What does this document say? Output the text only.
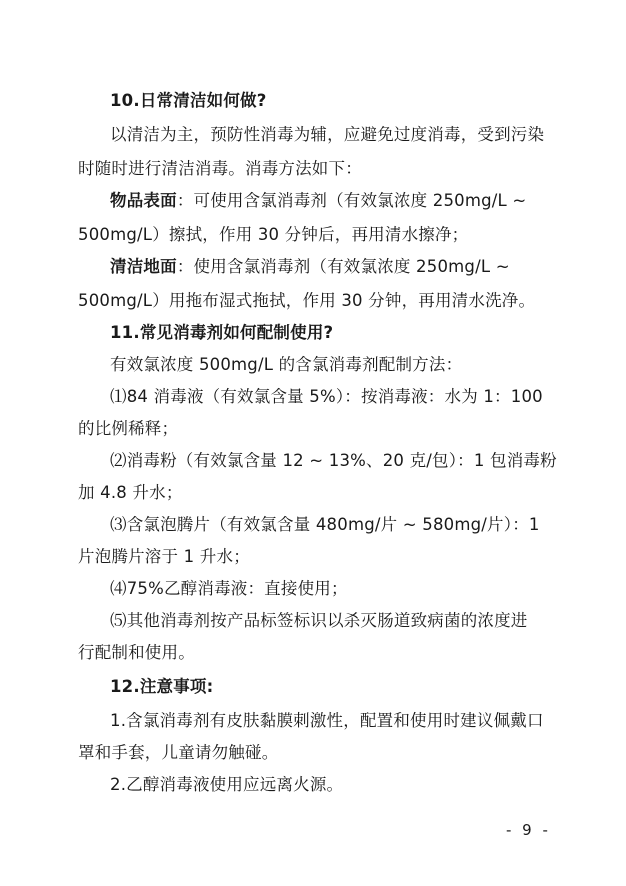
10.日常清洁如何做?
以清洁为主，预防性消毒为辅，应避免过度消毒，受到污染
时随时进行清洁消毒。消毒方法如下：
物品表面：可使用含氯消毒剂（有效氯浓度 250mg/L ~
500mg/L）擦拭，作用 30 分钟后，再用清水擦净；
清洁地面：使用含氯消毒剂（有效氯浓度 250mg/L ~
500mg/L）用拖布湿式拖拭，作用 30 分钟，再用清水洗净。
11.常见消毒剂如何配制使用?
有效氯浓度 500mg/L 的含氯消毒剂配制方法：
⑴84 消毒液（有效氯含量 5%）：按消毒液：水为 1：100
的比例稀释；
⑵消毒粉（有效氯含量 12 ~ 13%、20 克/包）：1 包消毒粉
加 4.8 升水；
⑶含氯泡腾片（有效氯含量 480mg/片 ~ 580mg/片）：1
片泡腾片溶于 1 升水；
⑷75%乙醇消毒液：直接使用；
⑸其他消毒剂按产品标签标识以杀灭肠道致病菌的浓度进
行配制和使用。
12.注意事项:
1.含氯消毒剂有皮肤黏膜刺激性，配置和使用时建议佩戴口
罩和手套，儿童请勿触碰。
2.乙醇消毒液使用应远离火源。
- 9 -
